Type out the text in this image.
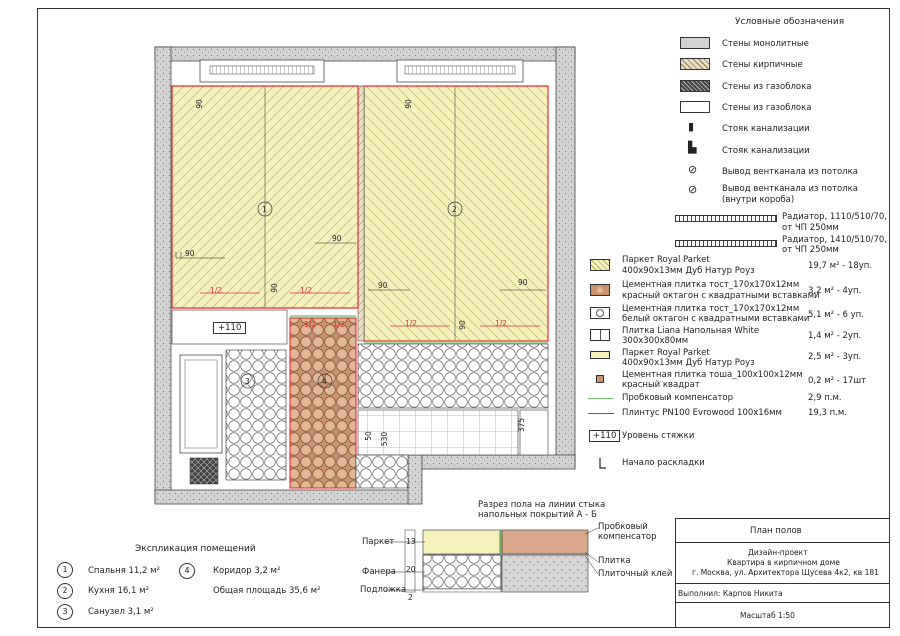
90	90
90
90
90	90
90
90
1/2	1/2
1/2	1/2
1/2 1/2
50 530
375
+110
1	2
3	4
Условные обозначения
Стены монолитные
Стены кирпичные
Стены из газоблока
Стены из газоблока
▮	Стояк канализации
▙	Стояк канализации
⊘	Вывод вентканала из потолка
⊘	Вывод вентканала из потолка
(внутри короба)
Радиатор, 1110/510/70,
от ЧП 250мм
Радиатор, 1410/510/70,
от ЧП 250мм
Паркет Royal Parket
400x90x13мм Дуб Натур Роуз	19,7 м² - 18уп.
Цементная плитка тост_170x170x12мм
красный октагон с квадратными вставками
3,2 м² - 4уп.
Цементная плитка тост_170x170x12мм
белый октагон с квадратными вставками
5,1 м² - 6 уп.
Плитка Liana Напольная White
300x300x80мм	1,4 м² - 2уп.
Паркет Royal Parket
400x90x13мм Дуб Натур Роуз
2,5 м² - 3уп.
Цементная плитка тоша_100x100x12мм
красный квадрат	0,2 м² - 17шт
Пробковый компенсатор	2,9 п.м.
Плинтус PN100 Evrowood 100x16мм	19,3 п.м.
+110 Уровень стяжки
Начало раскладки
Экспликация помещений
1	Спальня 11,2 м²
2	Кухня 16,1 м²
3	Санузел 3,1 м²
4	Коридор 3,2 м²
Общая площадь 35,6 м²
Разрез пола на линии стыка
напольных покрытий А - Б
Паркет
Фанера
Подложка
Пробковый
компенсатор
Плитка
Плиточный клей
13
20
2
План полов
Дизайн-проект
Квартира в кирпичном доме
г. Москва, ул. Архитектора Щусева 4к2, кв 181
Выполнил: Карпов Никита
Масштаб 1:50
